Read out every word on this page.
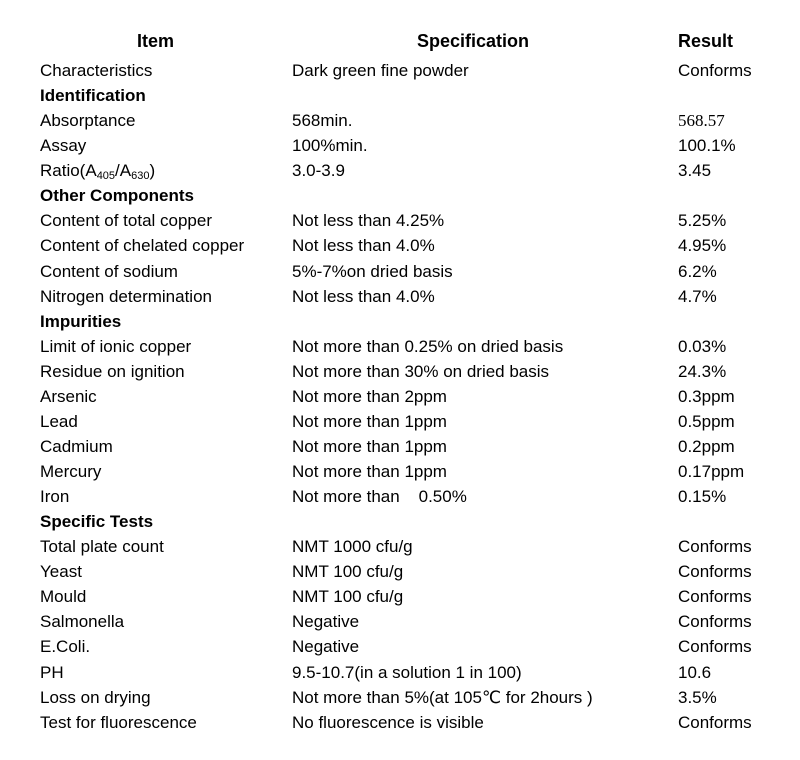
Item	Specification	Result
Characteristics	Dark green fine powder	Conforms
Identification
Absorptance	568min.	568.57
Assay	100%min.	100.1%
$Ratio(A_{405}/A_{630})$	3.0-3.9	3.45
Other Components
Content of total copper	Not less than 4.25%	5.25%
Content of chelated copper	Not less than 4.0%	4.95%
Content of sodium	5%-7%on dried basis	6.2%
Nitrogen determination	Not less than 4.0%	4.7%
Impurities
Limit of ionic copper	Not more than 0.25% on dried basis	0.03%
Residue on ignition	Not more than 30% on dried basis	24.3%
Arsenic	Not more than 2ppm	0.3ppm
Lead	Not more than 1ppm	0.5ppm
Cadmium	Not more than 1ppm	0.2ppm
Mercury	Not more than 1ppm	0.17ppm
Iron	Not more than    0.50%	0.15%
Specific Tests
Total plate count	NMT 1000 cfu/g	Conforms
Yeast	NMT 100 cfu/g	Conforms
Mould	NMT 100 cfu/g	Conforms
Salmonella	Negative	Conforms
E.Coli.	Negative	Conforms
PH	9.5-10.7(in a solution 1 in 100)	10.6
Loss on drying	Not more than 5%(at 105℃ for 2hours )	3.5%
Test for fluorescence	No fluorescence is visible	Conforms
